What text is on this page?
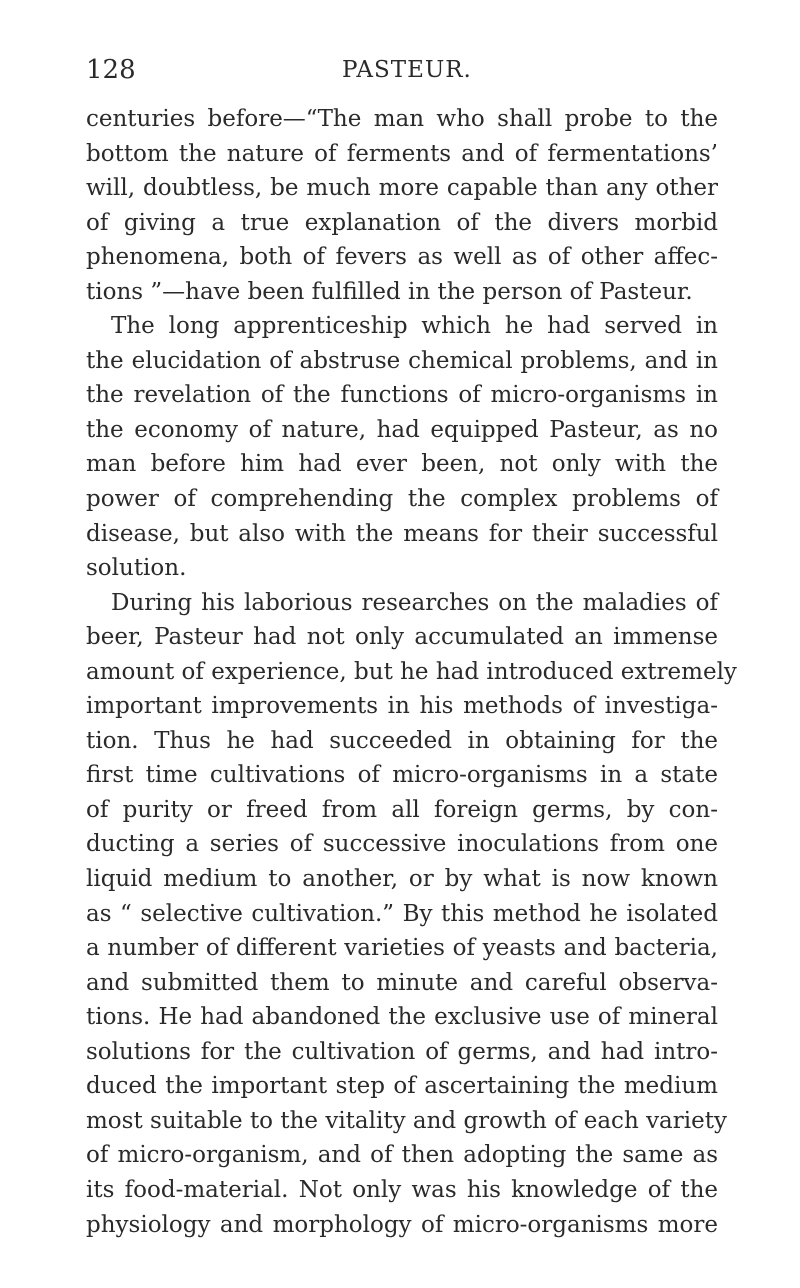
128	PASTEUR.
centuries before—“The man who shall probe to the
bottom the nature of ferments and of fermentations’
will, doubtless, be much more capable than any other
of giving a true explanation of the divers morbid
phenomena, both of fevers as well as of other affec-
tions ”—have been fulfilled in the person of Pasteur.
The long apprenticeship which he had served in
the elucidation of abstruse chemical problems, and in
the revelation of the functions of micro-organisms in
the economy of nature, had equipped Pasteur, as no
man before him had ever been, not only with the
power of comprehending the complex problems of
disease, but also with the means for their successful
solution.
During his laborious researches on the maladies of
beer, Pasteur had not only accumulated an immense
amount of experience, but he had introduced extremely
important improvements in his methods of investiga-
tion. Thus he had succeeded in obtaining for the
first time cultivations of micro-organisms in a state
of purity or freed from all foreign germs, by con-
ducting a series of successive inoculations from one
liquid medium to another, or by what is now known
as “ selective cultivation.” By this method he isolated
a number of different varieties of yeasts and bacteria,
and submitted them to minute and careful observa-
tions. He had abandoned the exclusive use of mineral
solutions for the cultivation of germs, and had intro-
duced the important step of ascertaining the medium
most suitable to the vitality and growth of each variety
of micro-organism, and of then adopting the same as
its food-material. Not only was his knowledge of the
physiology and morphology of micro-organisms more
